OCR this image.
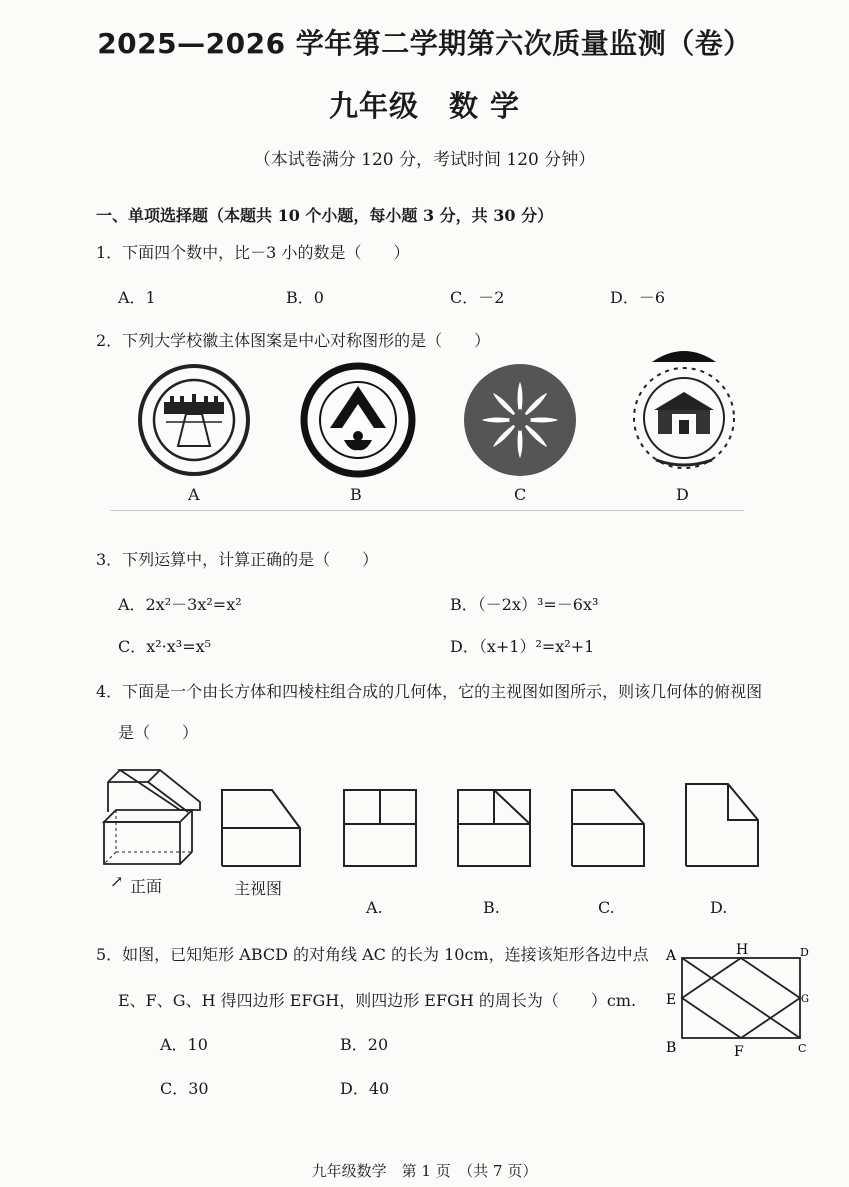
2025—2026 学年第二学期第六次质量监测（卷）
九年级　数 学
（本试卷满分 120 分，考试时间 120 分钟）
一、单项选择题（本题共 10 个小题，每小题 3 分，共 30 分）
1．下面四个数中，比－3 小的数是（　　）
A．1	B．0	C．－2	D．－6
2．下列大学校徽主体图案是中心对称图形的是（　　）
A	B	C	D
3．下列运算中，计算正确的是（　　）
A．2x²－3x²=x²	B．（－2x）³=－6x³
C．x²·x³=x⁵	D．（x+1）²=x²+1
4．下面是一个由长方体和四棱柱组合成的几何体，它的主视图如图所示，则该几何体的俯视图
是（　　）
↗ 正面	主视图
A.	B.	C.	D.
5．如图，已知矩形 ABCD 的对角线 AC 的长为 10cm，连接该矩形各边中点
E、F、G、H 得四边形 EFGH，则四边形 EFGH 的周长为（　　）cm.
A．10	B．20
C．30	D．40
A	H	D
E	G
B	F	C
九年级数学　第 1 页　（共 7 页）
